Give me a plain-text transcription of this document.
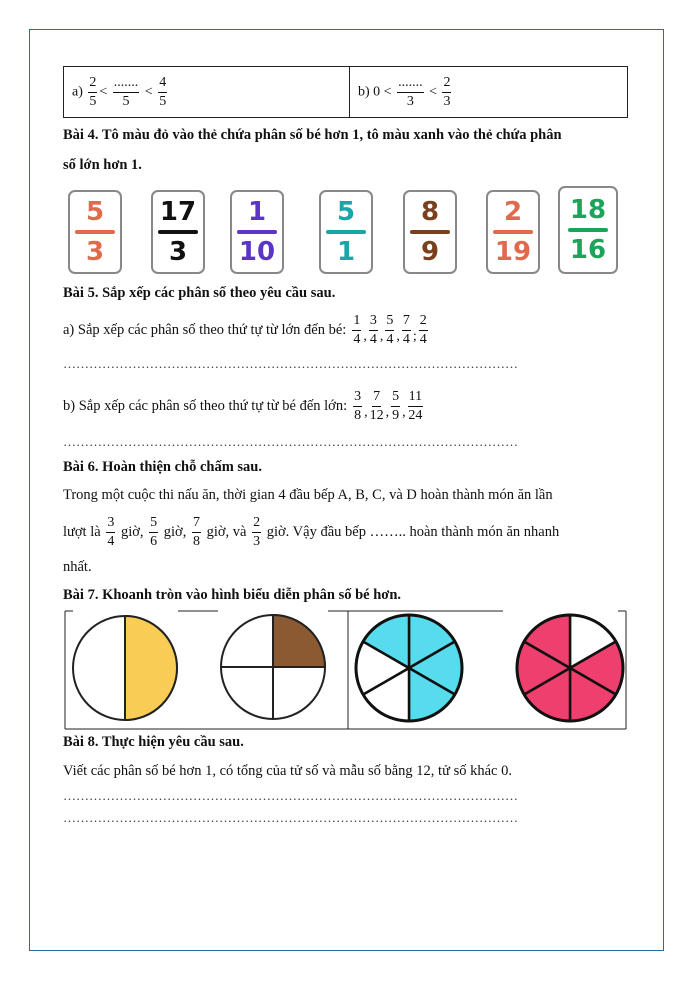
$a) \frac{2}{5} < \frac{.......}{5} < \frac{4}{5}$	b) $0 < \frac{.......}{3} < \frac{2}{3}$
Bài 4. Tô màu đỏ vào thẻ chứa phân số bé hơn 1, tô màu xanh vào thẻ chứa phân
số lớn hơn 1.
5
3
17
3
1
10
5
1
8
9
2
19
18
16
Bài 5. Sắp xếp các phân số theo yêu cầu sau.
a) Sắp xếp các phân số theo thứ tự từ lớn đến bé: $\frac{1}{4}$ , $\frac{3}{4}$ , $\frac{5}{4}$ , $\frac{7}{4}$ ; $\frac{2}{4}$
……………………………………………………………………………………………
b) Sắp xếp các phân số theo thứ tự từ bé đến lớn: $\frac{3}{8}$ , $\frac{7}{12}$ , $\frac{5}{9}$ , $\frac{11}{24}$
……………………………………………………………………………………………
Bài 6. Hoàn thiện chỗ chấm sau.
Trong một cuộc thi nấu ăn, thời gian 4 đầu bếp A, B, C, và D hoàn thành món ăn lần
lượt là
$\frac{3}{4}$
giờ,
$\frac{5}{6}$
giờ,
$\frac{7}{8}$
giờ, và
$\frac{2}{3}$
giờ. Vậy đầu bếp …….. hoàn thành món ăn nhanh
nhất.
Bài 7. Khoanh tròn vào hình biểu diễn phân số bé hơn.
Bài 8. Thực hiện yêu cầu sau.
Viết các phân số bé hơn 1, có tổng của tử số và mẫu số bằng 12, tử số khác 0.
……………………………………………………………………………………………
……………………………………………………………………………………………
